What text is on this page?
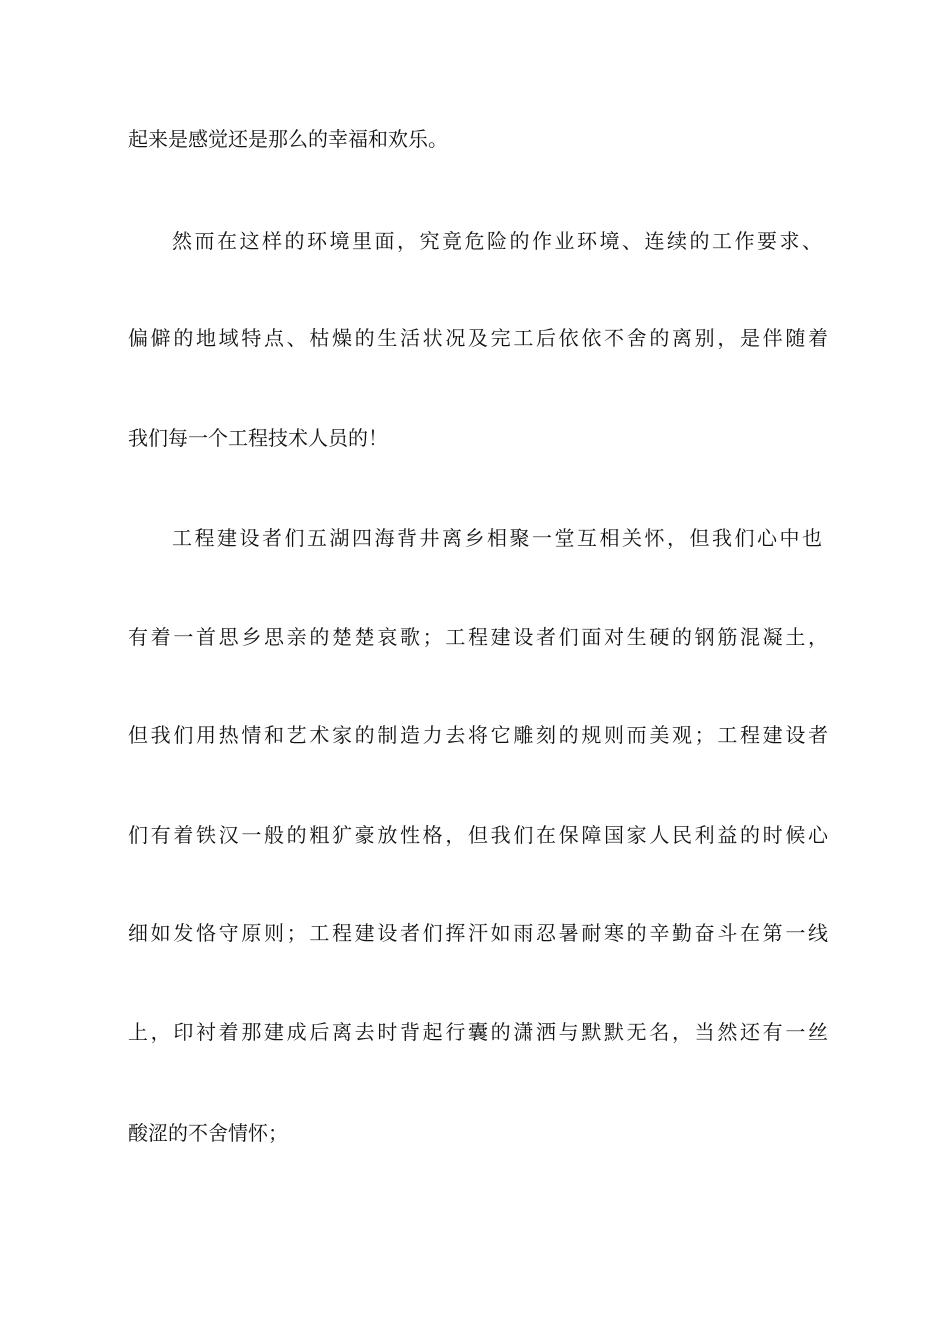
起来是感觉还是那么的幸福和欢乐。
然而在这样的环境里面，究竟危险的作业环境、连续的工作要求、
偏僻的地域特点、枯燥的生活状况及完工后依依不舍的离别，是伴随着
我们每一个工程技术人员的！
工程建设者们五湖四海背井离乡相聚一堂互相关怀，但我们心中也
有着一首思乡思亲的楚楚哀歌；工程建设者们面对生硬的钢筋混凝土，
但我们用热情和艺术家的制造力去将它雕刻的规则而美观；工程建设者
们有着铁汉一般的粗犷豪放性格，但我们在保障国家人民利益的时候心
细如发恪守原则；工程建设者们挥汗如雨忍暑耐寒的辛勤奋斗在第一线
上，印衬着那建成后离去时背起行囊的潇洒与默默无名，当然还有一丝
酸涩的不舍情怀；
